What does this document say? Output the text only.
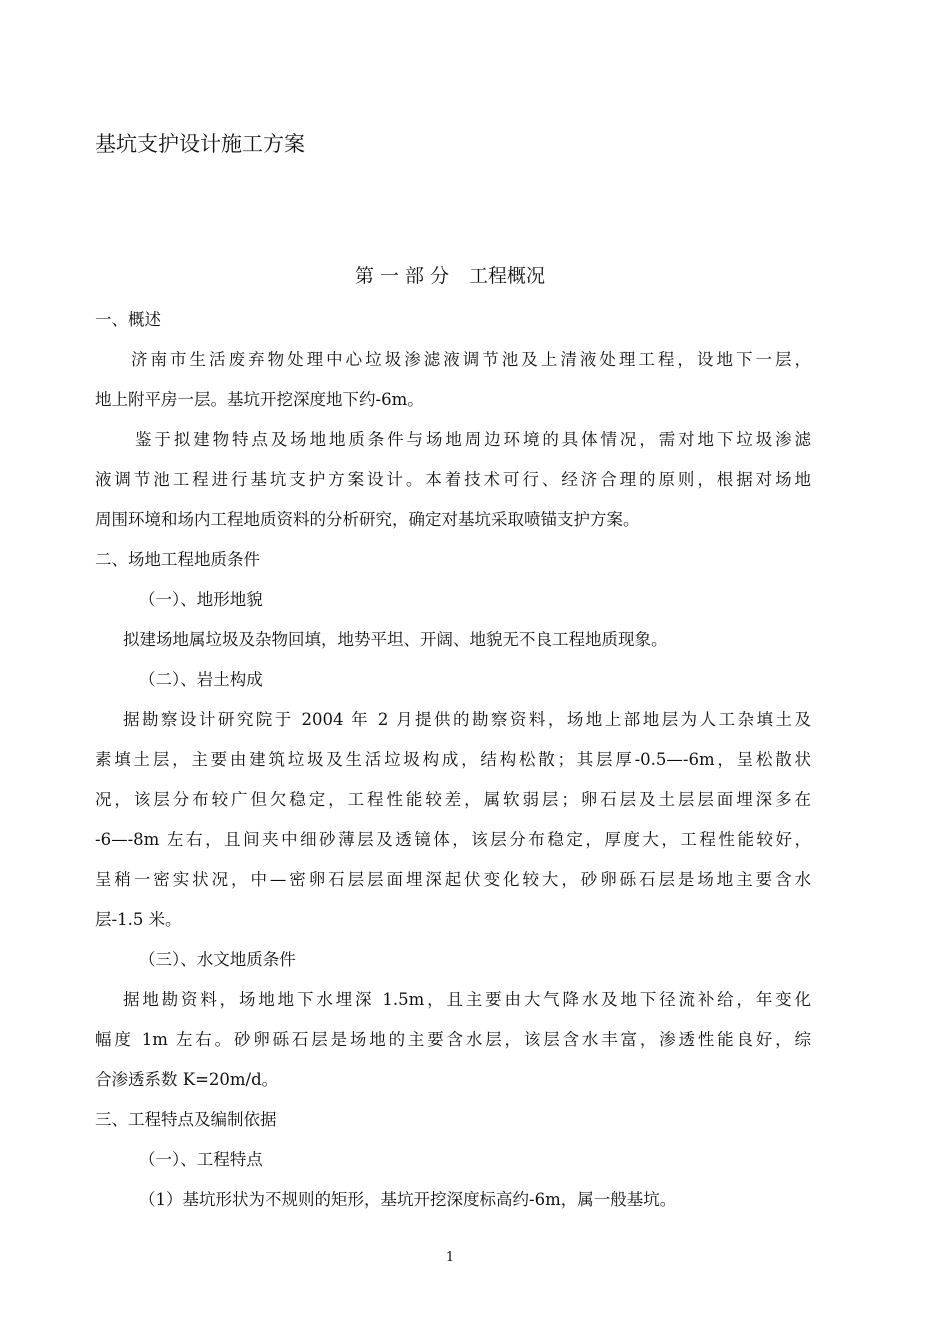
基坑支护设计施工方案
第 一 部 分 工程概况
一、概述
济南市生活废弃物处理中心垃圾渗滤液调节池及上清液处理工程，设地下一层，
地上附平房一层。基坑开挖深度地下约-6m。
鉴于拟建物特点及场地地质条件与场地周边环境的具体情况，需对地下垃圾渗滤
液调节池工程进行基坑支护方案设计。本着技术可行、经济合理的原则，根据对场地
周围环境和场内工程地质资料的分析研究，确定对基坑采取喷锚支护方案。
二、场地工程地质条件
（一）、地形地貌
拟建场地属垃圾及杂物回填，地势平坦、开阔、地貌无不良工程地质现象。
（二）、岩土构成
据勘察设计研究院于 2004 年 2 月提供的勘察资料，场地上部地层为人工杂填土及
素填土层，主要由建筑垃圾及生活垃圾构成，结构松散；其层厚-0.5—-6m，呈松散状
况，该层分布较广但欠稳定，工程性能较差，属软弱层；卵石层及土层层面埋深多在
-6—-8m 左右，且间夹中细砂薄层及透镜体，该层分布稳定，厚度大，工程性能较好，
呈稍一密实状况，中—密卵石层层面埋深起伏变化较大，砂卵砾石层是场地主要含水
层-1.5 米。
（三）、水文地质条件
据地勘资料，场地地下水埋深 1.5m，且主要由大气降水及地下径流补给，年变化
幅度 1m 左右。砂卵砾石层是场地的主要含水层，该层含水丰富，渗透性能良好，综
合渗透系数 K=20m/d。
三、工程特点及编制依据
（一）、工程特点
（1）基坑形状为不规则的矩形，基坑开挖深度标高约-6m，属一般基坑。
1
